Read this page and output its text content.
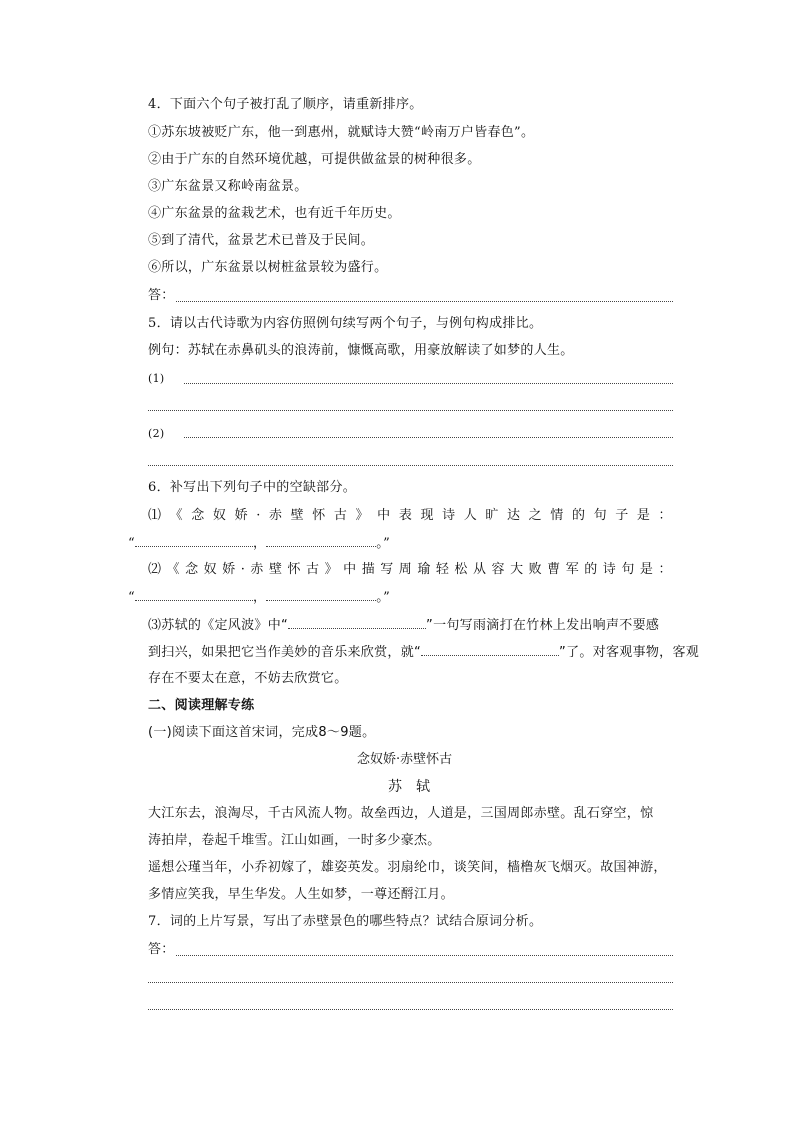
4．下面六个句子被打乱了顺序，请重新排序。
①苏东坡被贬广东，他一到惠州，就赋诗大赞“岭南万户皆春色”。
②由于广东的自然环境优越，可提供做盆景的树种很多。
③广东盆景又称岭南盆景。
④广东盆景的盆栽艺术，也有近千年历史。
⑤到了清代，盆景艺术已普及于民间。
⑥所以，广东盆景以树桩盆景较为盛行。
答：
5．请以古代诗歌为内容仿照例句续写两个句子，与例句构成排比。
例句：苏轼在赤鼻矶头的浪涛前，慷慨高歌，用豪放解读了如梦的人生。
(1)
(2)
6．补写出下列句子中的空缺部分。
⑴ 《 念 奴 娇 · 赤 壁 怀 古 》 中 表 现 诗 人 旷 达 之 情 的 句 子 是 ：
“	，	。”
⑵ 《 念 奴 娇 · 赤 壁 怀 古 》 中 描 写 周 瑜 轻 松 从 容 大 败 曹 军 的 诗 句 是 ：
“	，	。”
⑶苏轼的《定风波》中“	”一句写雨滴打在竹林上发出响声不要感
到扫兴，如果把它当作美妙的音乐来欣赏，就“	”了。对客观事物，客观
存在不要太在意，不妨去欣赏它。
二、阅读理解专练
(一)阅读下面这首宋词，完成8～9题。
念奴娇·赤壁怀古
苏　轼
大江东去，浪淘尽，千古风流人物。故垒西边，人道是，三国周郎赤壁。乱石穿空，惊
涛拍岸，卷起千堆雪。江山如画，一时多少豪杰。
遥想公瑾当年，小乔初嫁了，雄姿英发。羽扇纶巾，谈笑间，樯橹灰飞烟灭。故国神游，
多情应笑我，早生华发。人生如梦，一尊还酹江月。
7．词的上片写景，写出了赤壁景色的哪些特点？试结合原词分析。
答：
